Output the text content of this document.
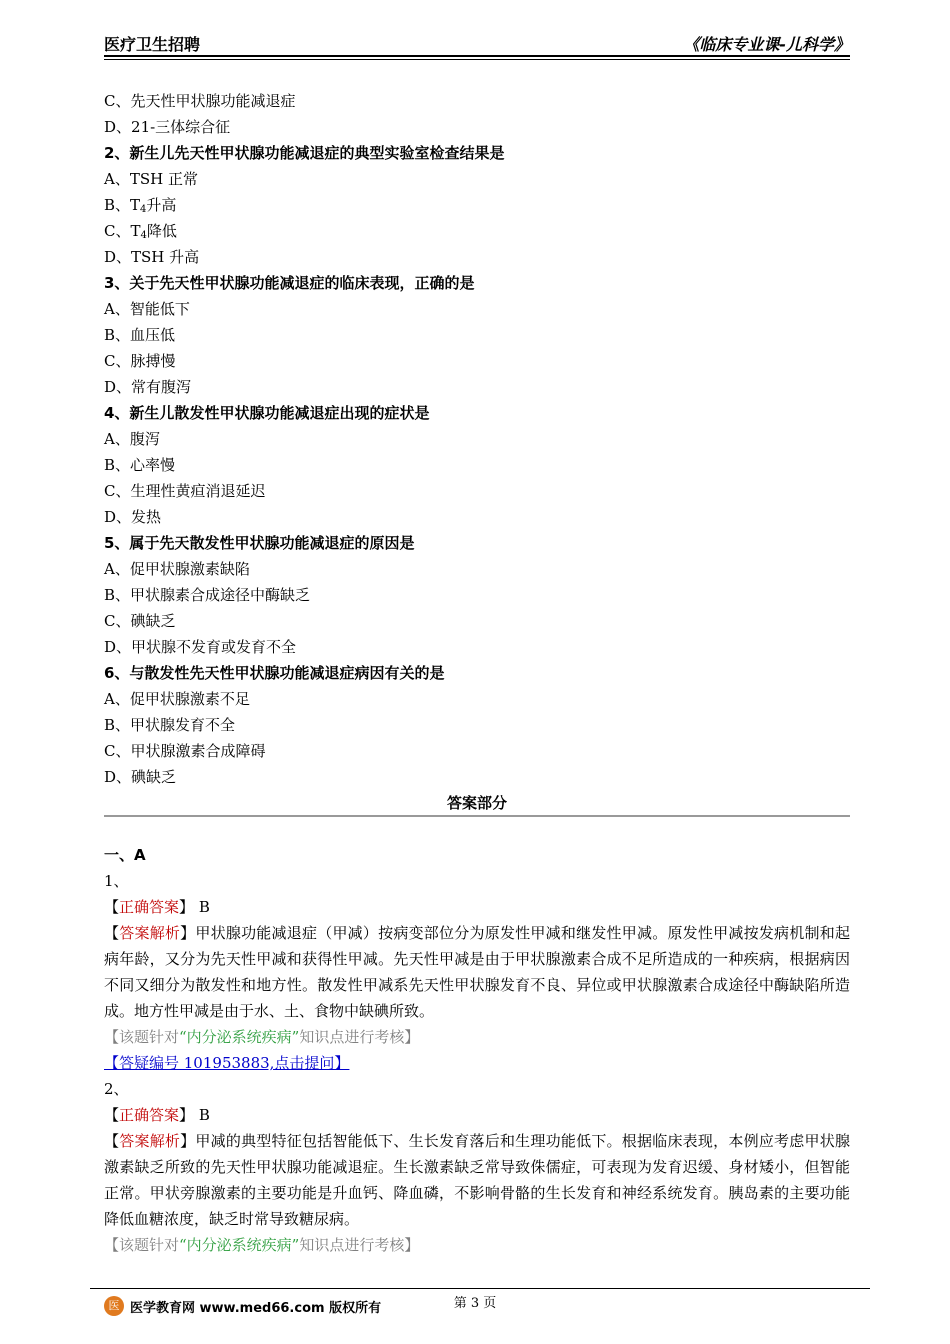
医疗卫生招聘	《临床专业课-儿科学》
C、先天性甲状腺功能减退症
D、21-三体综合征
2、新生儿先天性甲状腺功能减退症的典型实验室检查结果是
A、TSH 正常
B、$T_4$升高
C、$T_4$降低
D、TSH 升高
3、关于先天性甲状腺功能减退症的临床表现，正确的是
A、智能低下
B、血压低
C、脉搏慢
D、常有腹泻
4、新生儿散发性甲状腺功能减退症出现的症状是
A、腹泻
B、心率慢
C、生理性黄疸消退延迟
D、发热
5、属于先天散发性甲状腺功能减退症的原因是
A、促甲状腺激素缺陷
B、甲状腺素合成途径中酶缺乏
C、碘缺乏
D、甲状腺不发育或发育不全
6、与散发性先天性甲状腺功能减退症病因有关的是
A、促甲状腺激素不足
B、甲状腺发育不全
C、甲状腺激素合成障碍
D、碘缺乏
答案部分
一、A
1、
【正确答案】 B
【答案解析】甲状腺功能减退症（甲减）按病变部位分为原发性甲减和继发性甲减。原发性甲减按发病机制和起病年龄，又分为先天性甲减和获得性甲减。先天性甲减是由于甲状腺激素合成不足所造成的一种疾病，根据病因不同又细分为散发性和地方性。散发性甲减系先天性甲状腺发育不良、异位或甲状腺激素合成途径中酶缺陷所造成。地方性甲减是由于水、土、食物中缺碘所致。
【该题针对“内分泌系统疾病”知识点进行考核】
【答疑编号 101953883,点击提问】
2、
【正确答案】 B
【答案解析】甲减的典型特征包括智能低下、生长发育落后和生理功能低下。根据临床表现，本例应考虑甲状腺激素缺乏所致的先天性甲状腺功能减退症。生长激素缺乏常导致侏儒症，可表现为发育迟缓、身材矮小，但智能正常。甲状旁腺激素的主要功能是升血钙、降血磷，不影响骨骼的生长发育和神经系统发育。胰岛素的主要功能降低血糖浓度，缺乏时常导致糖尿病。
【该题针对“内分泌系统疾病”知识点进行考核】
第 3 页
医 医学教育网 www.med66.com 版权所有
